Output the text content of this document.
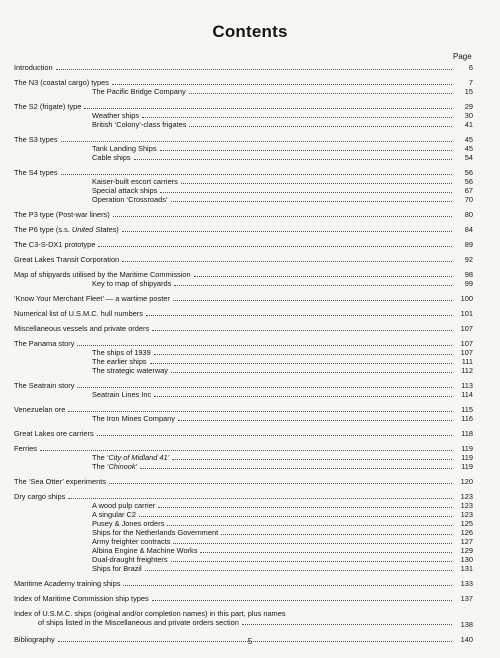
Contents
Page
Introduction	6
The N3 (coastal cargo) types	7
The Pacific Bridge Company	15
The S2 (frigate) type	29
Weather ships	30
British ‘Colony’-class frigates	41
The S3 types	45
Tank Landing Ships	45
Cable ships	54
The S4 types	56
Kaiser-built escort carriers	56
Special attack ships	67
Operation ‘Crossroads’	70
The P3 type (Post-war liners)	80
The P6 type (s.s. United States)	84
The C3-S-DX1 prototype	89
Great Lakes Transit Corporation	92
Map of shipyards utilised by the Maritime Commission	98
Key to map of shipyards	99
‘Know Your Merchant Fleet’ — a wartime poster	100
Numerical list of U.S.M.C. hull numbers	101
Miscellaneous vessels and private orders	107
The Panama story	107
The ships of 1939	107
The earlier ships	111
The strategic waterway	112
The Seatrain story	113
Seatrain Lines Inc	114
Venezuelan ore	115
The Iron Mines Company	116
Great Lakes ore carriers	118
Ferries	119
The ‘City of Midland 41’	119
The ‘Chinook’	119
The ‘Sea Otter’ experiments	120
Dry cargo ships	123
A wood pulp carrier	123
A singular C2	123
Pusey & Jones orders	125
Ships for the Netherlands Government	126
Army freighter contracts	127
Albina Engine & Machine Works	129
Dual-draught freighters	130
Ships for Brazil	131
Maritime Academy training ships	133
Index of Maritime Commission ship types	137
Index of U.S.M.C. ships (original and/or completion names) in this part, plus names
of ships listed in the Miscellaneous and private orders section	138
Bibliography	140
5
